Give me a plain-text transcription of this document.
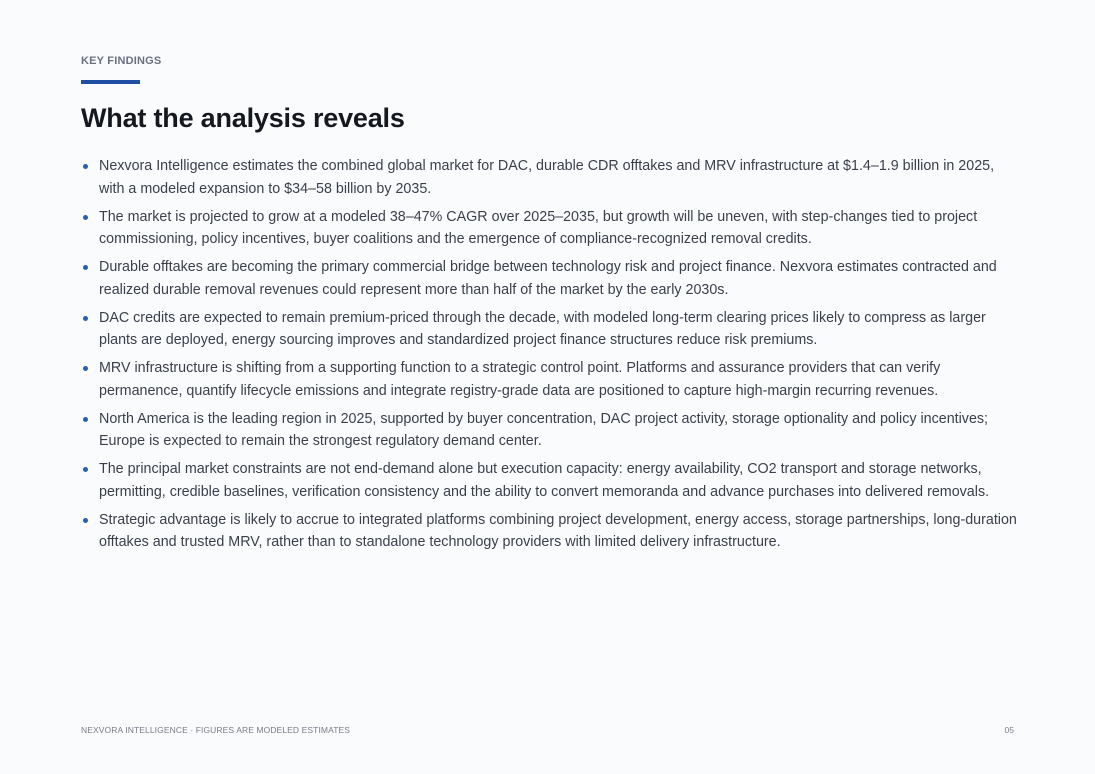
KEY FINDINGS
What the analysis reveals
Nexvora Intelligence estimates the combined global market for DAC, durable CDR offtakes and MRV infrastructure at $1.4–1.9 billion in 2025, with a modeled expansion to $34–58 billion by 2035.
The market is projected to grow at a modeled 38–47% CAGR over 2025–2035, but growth will be uneven, with step-changes tied to project commissioning, policy incentives, buyer coalitions and the emergence of compliance-recognized removal credits.
Durable offtakes are becoming the primary commercial bridge between technology risk and project finance. Nexvora estimates contracted and realized durable removal revenues could represent more than half of the market by the early 2030s.
DAC credits are expected to remain premium-priced through the decade, with modeled long-term clearing prices likely to compress as larger plants are deployed, energy sourcing improves and standardized project finance structures reduce risk premiums.
MRV infrastructure is shifting from a supporting function to a strategic control point. Platforms and assurance providers that can verify permanence, quantify lifecycle emissions and integrate registry-grade data are positioned to capture high-margin recurring revenues.
North America is the leading region in 2025, supported by buyer concentration, DAC project activity, storage optionality and policy incentives; Europe is expected to remain the strongest regulatory demand center.
The principal market constraints are not end-demand alone but execution capacity: energy availability, CO2 transport and storage networks, permitting, credible baselines, verification consistency and the ability to convert memoranda and advance purchases into delivered removals.
Strategic advantage is likely to accrue to integrated platforms combining project development, energy access, storage partnerships, long-duration offtakes and trusted MRV, rather than to standalone technology providers with limited delivery infrastructure.
NEXVORA INTELLIGENCE · FIGURES ARE MODELED ESTIMATES	05
